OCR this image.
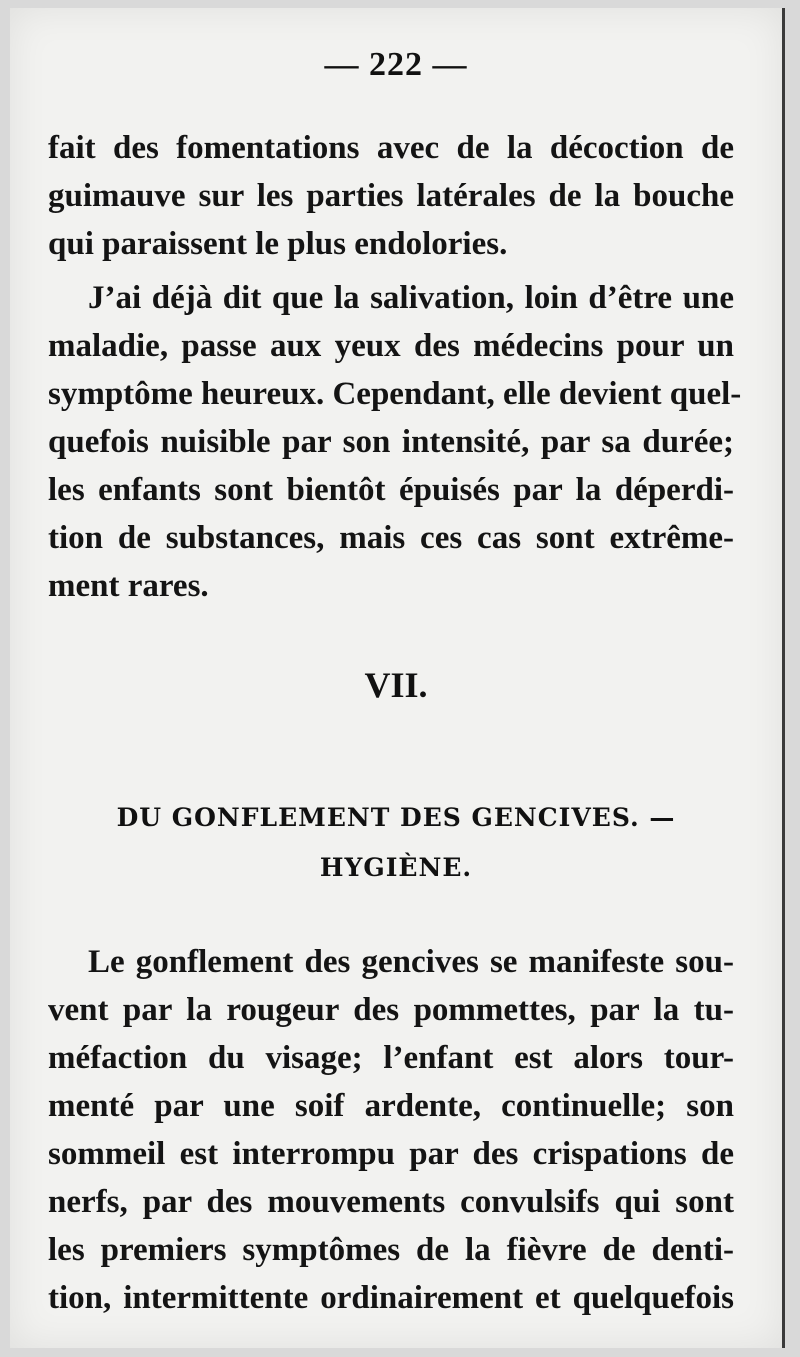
— 222 —
fait des fomentations avec de la décoction de
guimauve sur les parties latérales de la bouche
qui paraissent le plus endolories.
J’ai déjà dit que la salivation, loin d’être une
maladie, passe aux yeux des médecins pour un
symptôme heureux. Cependant, elle devient quel-
quefois nuisible par son intensité, par sa durée;
les enfants sont bientôt épuisés par la déperdi-
tion de substances, mais ces cas sont extrême-
ment rares.
VII.
DU GONFLEMENT DES GENCIVES. —
HYGIÈNE.
Le gonflement des gencives se manifeste sou-
vent par la rougeur des pommettes, par la tu-
méfaction du visage; l’enfant est alors tour-
menté par une soif ardente, continuelle; son
sommeil est interrompu par des crispations de
nerfs, par des mouvements convulsifs qui sont
les premiers symptômes de la fièvre de denti-
tion, intermittente ordinairement et quelquefois
